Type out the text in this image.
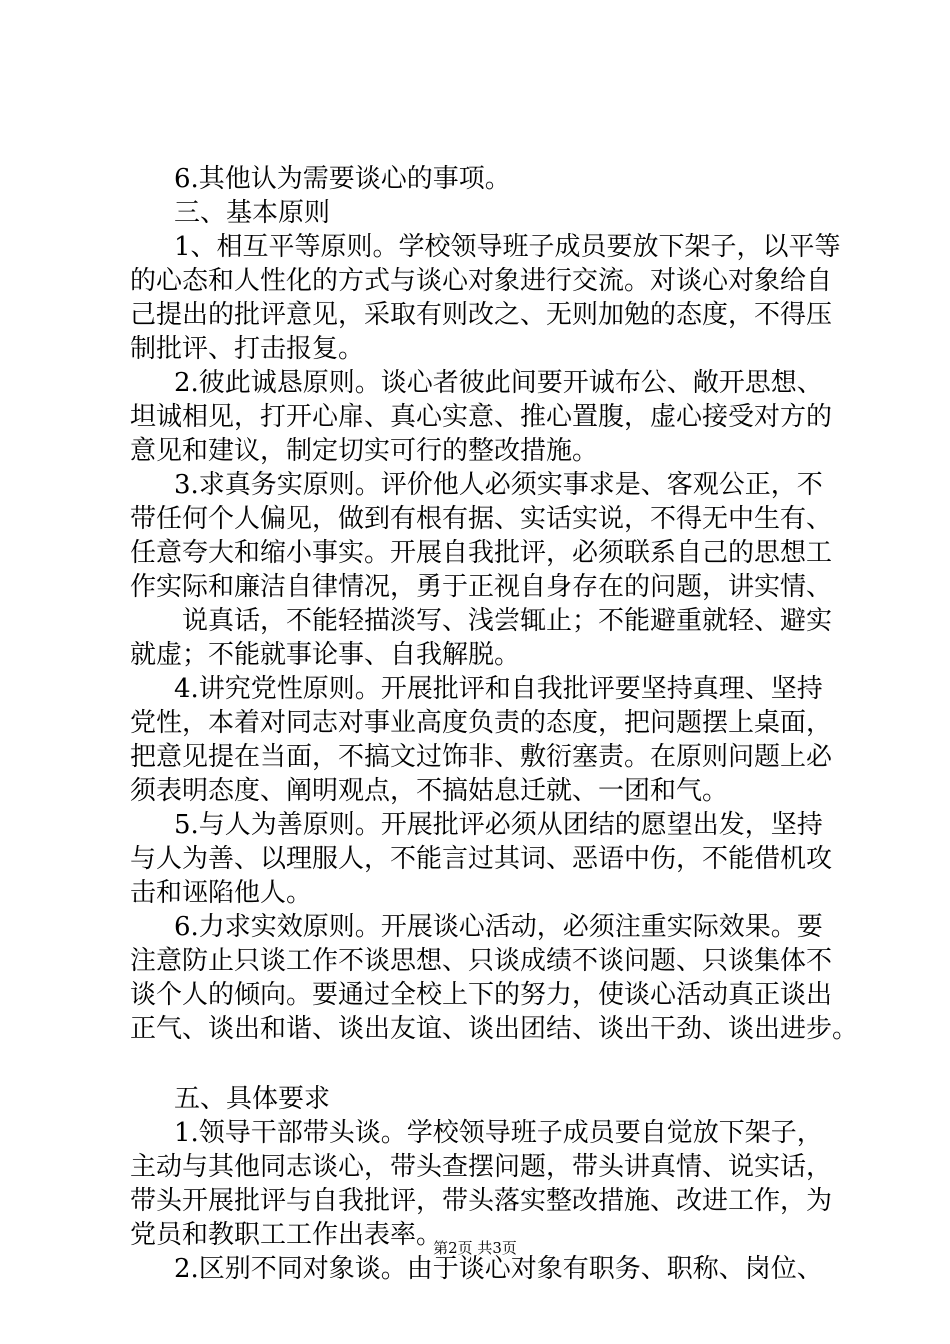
6.其他认为需要谈心的事项。
三、基本原则
1、相互平等原则。学校领导班子成员要放下架子，以平等
的心态和人性化的方式与谈心对象进行交流。对谈心对象给自
己提出的批评意见，采取有则改之、无则加勉的态度，不得压
制批评、打击报复。
2.彼此诚恳原则。谈心者彼此间要开诚布公、敞开思想、
坦诚相见，打开心扉、真心实意、推心置腹，虚心接受对方的
意见和建议，制定切实可行的整改措施。
3.求真务实原则。评价他人必须实事求是、客观公正，不
带任何个人偏见，做到有根有据、实话实说，不得无中生有、
任意夸大和缩小事实。开展自我批评，必须联系自己的思想工
作实际和廉洁自律情况，勇于正视自身存在的问题，讲实情、
说真话，不能轻描淡写、浅尝辄止；不能避重就轻、避实
就虚；不能就事论事、自我解脱。
4.讲究党性原则。开展批评和自我批评要坚持真理、坚持
党性，本着对同志对事业高度负责的态度，把问题摆上桌面，
把意见提在当面，不搞文过饰非、敷衍塞责。在原则问题上必
须表明态度、阐明观点，不搞姑息迁就、一团和气。
5.与人为善原则。开展批评必须从团结的愿望出发，坚持
与人为善、以理服人，不能言过其词、恶语中伤，不能借机攻
击和诬陷他人。
6.力求实效原则。开展谈心活动，必须注重实际效果。要
注意防止只谈工作不谈思想、只谈成绩不谈问题、只谈集体不
谈个人的倾向。要通过全校上下的努力，使谈心活动真正谈出
正气、谈出和谐、谈出友谊、谈出团结、谈出干劲、谈出进步。
五、具体要求
1.领导干部带头谈。学校领导班子成员要自觉放下架子，
主动与其他同志谈心，带头查摆问题，带头讲真情、说实话，
带头开展批评与自我批评，带头落实整改措施、改进工作，为
党员和教职工工作出表率。
2.区别不同对象谈。由于谈心对象有职务、职称、岗位、
第2页 共3页
